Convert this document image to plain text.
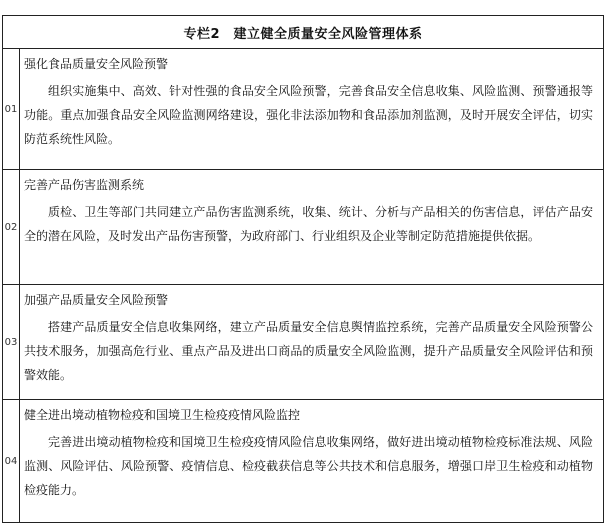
专栏2　建立健全质量安全风险管理体系
01
强化食品质量安全风险预警

组织实施集中、高效、针对性强的食品安全风险预警，完善食品安全信息收集、风险监测、预警通报等功能。重点加强食品安全风险监测网络建设，强化非法添加物和食品添加剂监测，及时开展安全评估，切实防范系统性风险。

02
完善产品伤害监测系统

质检、卫生等部门共同建立产品伤害监测系统，收集、统计、分析与产品相关的伤害信息，评估产品安全的潜在风险，及时发出产品伤害预警，为政府部门、行业组织及企业等制定防范措施提供依据。

03
加强产品质量安全风险预警

搭建产品质量安全信息收集网络，建立产品质量安全信息舆情监控系统，完善产品质量安全风险预警公共技术服务，加强高危行业、重点产品及进出口商品的质量安全风险监测，提升产品质量安全风险评估和预警效能。

04
健全进出境动植物检疫和国境卫生检疫疫情风险监控

完善进出境动植物检疫和国境卫生检疫疫情风险信息收集网络，做好进出境动植物检疫标准法规、风险监测、风险评估、风险预警、疫情信息、检疫截获信息等公共技术和信息服务，增强口岸卫生检疫和动植物检疫能力。
